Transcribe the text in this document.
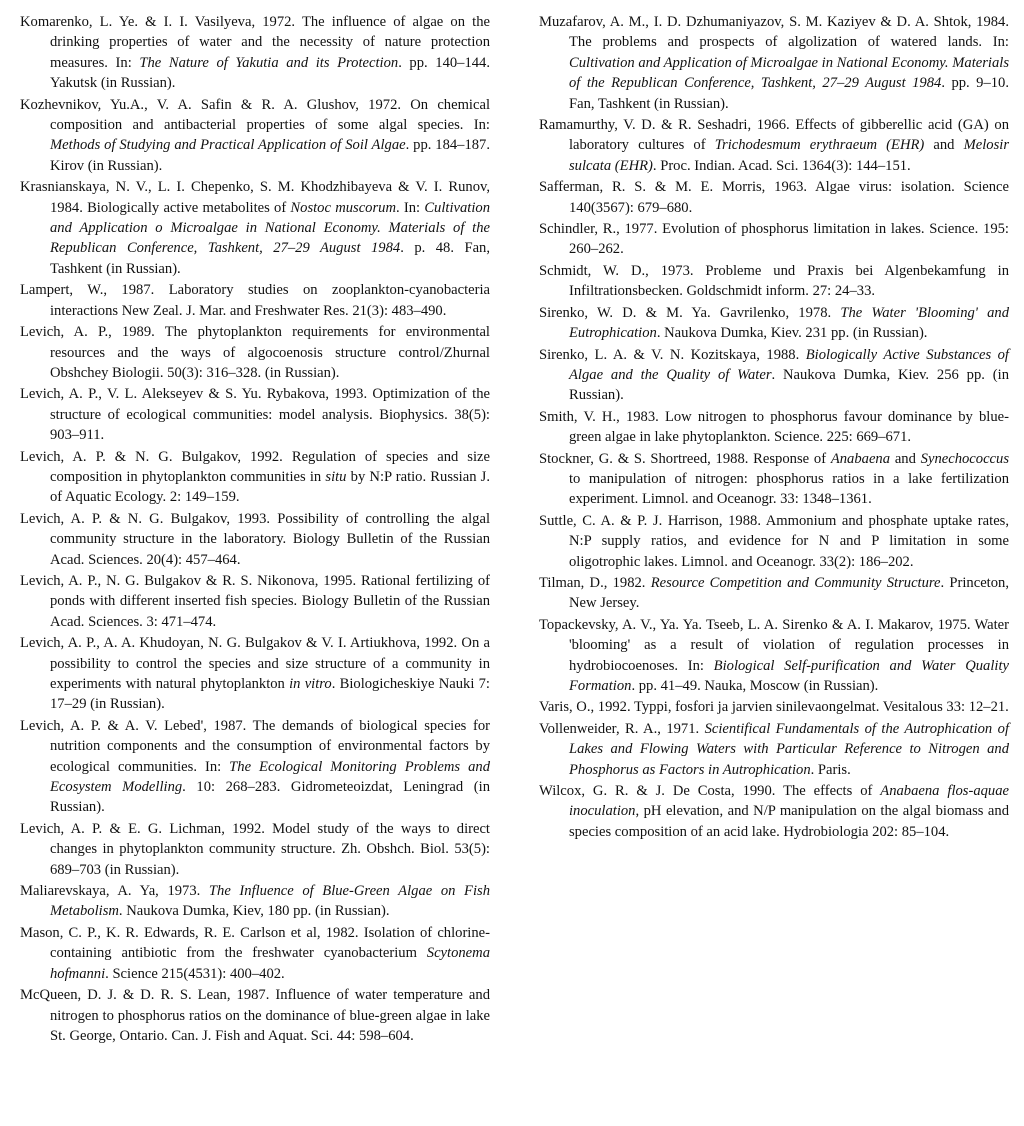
Komarenko, L. Ye. & I. I. Vasilyeva, 1972. The influence of algae on the drinking properties of water and the necessity of nature protection measures. In: The Nature of Yakutia and its Protection. pp. 140–144. Yakutsk (in Russian).

Kozhevnikov, Yu.A., V. A. Safin & R. A. Glushov, 1972. On chemical composition and antibacterial properties of some algal species. In: Methods of Studying and Practical Application of Soil Algae. pp. 184–187. Kirov (in Russian).

Krasnianskaya, N. V., L. I. Chepenko, S. M. Khodzhibayeva & V. I. Runov, 1984. Biologically active metabolites of Nostoc muscorum. In: Cultivation and Application o Microalgae in National Economy. Materials of the Republican Conference, Tashkent, 27–29 August 1984. p. 48. Fan, Tashkent (in Russian).

Lampert, W., 1987. Laboratory studies on zooplankton-cyanobacteria interactions New Zeal. J. Mar. and Freshwater Res. 21(3): 483–490.

Levich, A. P., 1989. The phytoplankton requirements for environmental resources and the ways of algocoenosis structure control/Zhurnal Obshchey Biologii. 50(3): 316–328. (in Russian).

Levich, A. P., V. L. Alekseyev & S. Yu. Rybakova, 1993. Optimization of the structure of ecological communities: model analysis. Biophysics. 38(5): 903–911.

Levich, A. P. & N. G. Bulgakov, 1992. Regulation of species and size composition in phytoplankton communities in situ by N:P ratio. Russian J. of Aquatic Ecology. 2: 149–159.

Levich, A. P. & N. G. Bulgakov, 1993. Possibility of controlling the algal community structure in the laboratory. Biology Bulletin of the Russian Acad. Sciences. 20(4): 457–464.

Levich, A. P., N. G. Bulgakov & R. S. Nikonova, 1995. Rational fertilizing of ponds with different inserted fish species. Biology Bulletin of the Russian Acad. Sciences. 3: 471–474.

Levich, A. P., A. A. Khudoyan, N. G. Bulgakov & V. I. Artiukhova, 1992. On a possibility to control the species and size structure of a community in experiments with natural phytoplankton in vitro. Biologicheskiye Nauki 7: 17–29 (in Russian).

Levich, A. P. & A. V. Lebed', 1987. The demands of biological species for nutrition components and the consumption of environmental factors by ecological communities. In: The Ecological Monitoring Problems and Ecosystem Modelling. 10: 268–283. Gidrometeoizdat, Leningrad (in Russian).

Levich, A. P. & E. G. Lichman, 1992. Model study of the ways to direct changes in phytoplankton community structure. Zh. Obshch. Biol. 53(5): 689–703 (in Russian).

Maliarevskaya, A. Ya, 1973. The Influence of Blue-Green Algae on Fish Metabolism. Naukova Dumka, Kiev, 180 pp. (in Russian).

Mason, C. P., K. R. Edwards, R. E. Carlson et al, 1982. Isolation of chlorine-containing antibiotic from the freshwater cyanobacterium Scytonema hofmanni. Science 215(4531): 400–402.

McQueen, D. J. & D. R. S. Lean, 1987. Influence of water temperature and nitrogen to phosphorus ratios on the dominance of blue-green algae in lake St. George, Ontario. Can. J. Fish and Aquat. Sci. 44: 598–604.

Muzafarov, A. M., I. D. Dzhumaniyazov, S. M. Kaziyev & D. A. Shtok, 1984. The problems and prospects of algolization of watered lands. In: Cultivation and Application of Microalgae in National Economy. Materials of the Republican Conference, Tashkent, 27–29 August 1984. pp. 9–10. Fan, Tashkent (in Russian).

Ramamurthy, V. D. & R. Seshadri, 1966. Effects of gibberellic acid (GA) on laboratory cultures of Trichodesmum erythraeum (EHR) and Melosir sulcata (EHR). Proc. Indian. Acad. Sci. 1364(3): 144–151.

Safferman, R. S. & M. E. Morris, 1963. Algae virus: isolation. Science 140(3567): 679–680.

Schindler, R., 1977. Evolution of phosphorus limitation in lakes. Science. 195: 260–262.

Schmidt, W. D., 1973. Probleme und Praxis bei Algenbekamfung in Infiltrationsbecken. Goldschmidt inform. 27: 24–33.

Sirenko, W. D. & M. Ya. Gavrilenko, 1978. The Water 'Blooming' and Eutrophication. Naukova Dumka, Kiev. 231 pp. (in Russian).

Sirenko, L. A. & V. N. Kozitskaya, 1988. Biologically Active Substances of Algae and the Quality of Water. Naukova Dumka, Kiev. 256 pp. (in Russian).

Smith, V. H., 1983. Low nitrogen to phosphorus favour dominance by blue-green algae in lake phytoplankton. Science. 225: 669–671.

Stockner, G. & S. Shortreed, 1988. Response of Anabaena and Synechococcus to manipulation of nitrogen: phosphorus ratios in a lake fertilization experiment. Limnol. and Oceanogr. 33: 1348–1361.

Suttle, C. A. & P. J. Harrison, 1988. Ammonium and phosphate uptake rates, N:P supply ratios, and evidence for N and P limitation in some oligotrophic lakes. Limnol. and Oceanogr. 33(2): 186–202.

Tilman, D., 1982. Resource Competition and Community Structure. Princeton, New Jersey.

Topackevsky, A. V., Ya. Ya. Tseeb, L. A. Sirenko & A. I. Makarov, 1975. Water 'blooming' as a result of violation of regulation processes in hydrobiocoenoses. In: Biological Self-purification and Water Quality Formation. pp. 41–49. Nauka, Moscow (in Russian).

Varis, O., 1992. Typpi, fosfori ja jarvien sinilevaongelmat. Vesitalous 33: 12–21.

Vollenweider, R. A., 1971. Scientifical Fundamentals of the Autrophication of Lakes and Flowing Waters with Particular Reference to Nitrogen and Phosphorus as Factors in Autrophication. Paris.

Wilcox, G. R. & J. De Costa, 1990. The effects of Anabaena flos-aquae inoculation, pH elevation, and N/P manipulation on the algal biomass and species composition of an acid lake. Hydrobiologia 202: 85–104.
